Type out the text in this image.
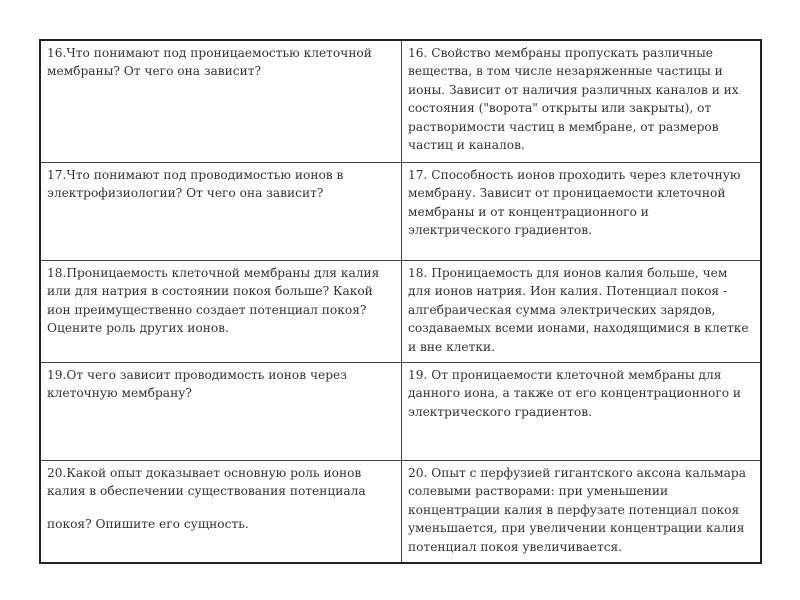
16.Что понимают под проницаемостью клеточной мембраны? От чего она зависит?	16. Свойство мембраны пропускать различные вещества, в том числе незаряженные частицы и ионы. Зависит от наличия различных каналов и их состояния ("ворота" открыты или закрыты), от растворимости частиц в мембране, от размеров частиц и каналов.
17.Что понимают под проводимостью ионов в электрофизиологии? От чего она зависит?	17. Способность ионов проходить через клеточную мембрану. Зависит от проницаемости клеточной мембраны и от концентрационного и электрического градиентов.
18.Проницаемость клеточной мембраны для калия или для натрия в состоянии покоя больше? Какой ион преимущественно создает потенциал покоя? Оцените роль других ионов.	18. Проницаемость для ионов калия больше, чем для ионов натрия. Ион калия. Потенциал покоя - алгебраическая сумма электрических зарядов, создаваемых всеми ионами, находящимися в клетке и вне клетки.
19.От чего зависит проводимость ионов через клеточную мембрану?	19. От проницаемости клеточной мембраны для данного иона, а также от его концентрационного и электрического градиентов.
20.Какой опыт доказывает основную роль ионов калия в обеспечении существования потенциала
покоя? Опишите его сущность.	20. Опыт с перфузией гигантского аксона кальмара солевыми растворами: при уменьшении концентрации калия в перфузате потенциал покоя уменьшается, при увеличении концентрации калия потенциал покоя увеличивается.
